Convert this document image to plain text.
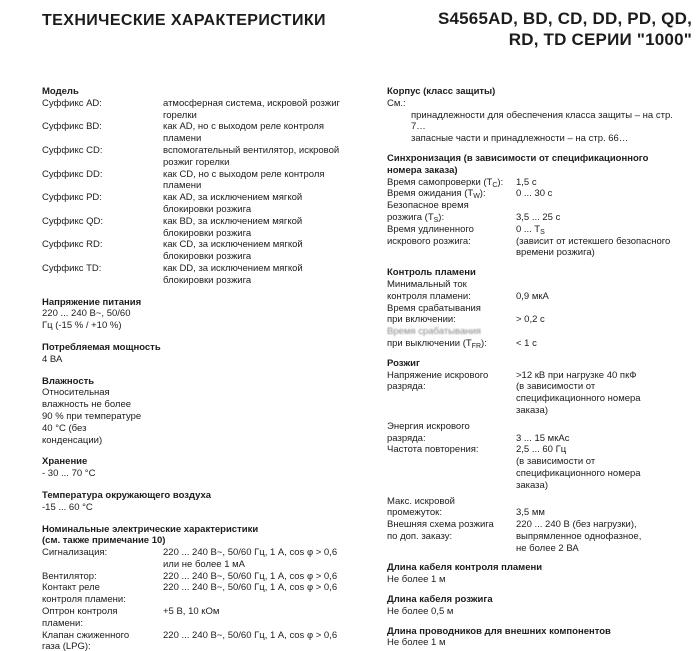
ТЕХНИЧЕСКИЕ ХАРАКТЕРИСТИКИ	S4565AD, BD, CD, DD, PD, QD,
RD, TD СЕРИИ "1000"
Модель
Суффикс AD:	атмосферная система, искровой розжиг

горелки
Суффикс BD:	как AD, но с выходом реле контроля

пламени
Суффикс CD:	вспомогательный вентилятор, искровой

розжиг горелки
Суффикс DD:	как CD, но с выходом реле контроля

пламени
Суффикс PD:	как AD, за исключением мягкой

блокировки розжига
Суффикс QD:	как BD, за исключением мягкой

блокировки розжига
Суффикс RD:	как CD, за исключением мягкой

блокировки розжига
Суффикс TD:	как DD, за исключением мягкой

блокировки розжига
Напряжение питания
220 ... 240 В~, 50/60
Гц (-15 % / +10 %)
Потребляемая мощность
4 ВА
Влажность
Относительная
влажность не более
90 % при температуре
40 °C (без
конденсации)
Хранение
- 30 ... 70 °C
Температура окружающего воздуха
-15 ... 60 °C
Номинальные электрические характеристики
(см. также примечание 10)
Сигнализация:	220 ... 240 В~, 50/60 Гц, 1 А, cos φ > 0,6

или не более 1 мА
Вентилятор:	220 ... 240 В~, 50/60 Гц, 1 А, cos φ > 0,6
Контакт реле	220 ... 240 В~, 50/60 Гц, 1 А, cos φ > 0,6
контроля пламени:
Оптрон контроля	+5 В, 10 кОм
пламени:
Клапан сжиженного	220 ... 240 В~, 50/60 Гц, 1 А, cos φ > 0,6
газа (LPG):
Корпус (класс защиты)
См.:
принадлежности для обеспечения класса защиты – на стр.
7…
запасные части и принадлежности – на стр. 66…
Синхронизация (в зависимости от спецификационного
номера заказа)
Время самопроверки $(T_C)$:	1,5 с
Время ожидания $(T_W)$:	0 ... 30 с
Безопасное время
розжига $(T_S)$:	3,5 ... 25 с
Время удлиненного	0 ... $T_S$
искрового розжига:	(зависит от истекшего безопасного

времени розжига)
Контроль пламени
Минимальный ток
контроля пламени:	0,9 мкА
Время срабатывания
при включении:	> 0,2 с
Время срабатывания
при выключении $(T_{FR})$:	< 1 с
Розжиг
Напряжение искрового	>12 кВ при нагрузке 40 пкФ
разряда:	(в зависимости от

спецификационного номера

заказа)
Энергия искрового
разряда:	3 ... 15 мкАс
Частота повторения:	2,5 ... 60 Гц

(в зависимости от

спецификационного номера

заказа)
Макс. искровой
промежуток:	3,5 мм
Внешняя схема розжига	220 ... 240 В (без нагрузки),
по доп. заказу:	выпрямленное однофазное,

не более 2 ВА
Длина кабеля контроля пламени
Не более 1 м
Длина кабеля розжига
Не более 0,5 м
Длина проводников для внешних компонентов
Не более 1 м
